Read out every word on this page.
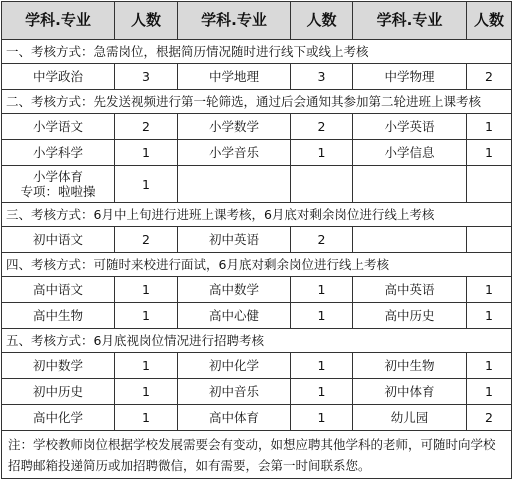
学科.专业	人数	学科.专业	人数	学科.专业	人数
一、考核方式：急需岗位，根据简历情况随时进行线下或线上考核					
中学政治	3	中学地理	3	中学物理	2
二、考核方式：先发送视频进行第一轮筛选，通过后会通知其参加第二轮进班上课考核					
小学语文	2	小学数学	2	小学英语	1
小学科学	1	小学音乐	1	小学信息	1

小学体育
专项：啦啦操	1				
三、考核方式：6月中上旬进行进班上课考核，6月底对剩余岗位进行线上考核					
初中语文	2	初中英语	2		
四、考核方式：可随时来校进行面试，6月底对剩余岗位进行线上考核					
高中语文	1	高中数学	1	高中英语	1
高中生物	1	高中心健	1	高中历史	1
五、考核方式：6月底视岗位情况进行招聘考核					
初中数学	1	初中化学	1	初中生物	1
初中历史	1	初中音乐	1	初中体育	1
高中化学	1	高中体育	1	幼儿园	2
注：学校教师岗位根据学校发展需要会有变动，如想应聘其他学科的老师，可随时向学校招聘邮箱投递简历或加招聘微信，如有需要，会第一时间联系您。					
